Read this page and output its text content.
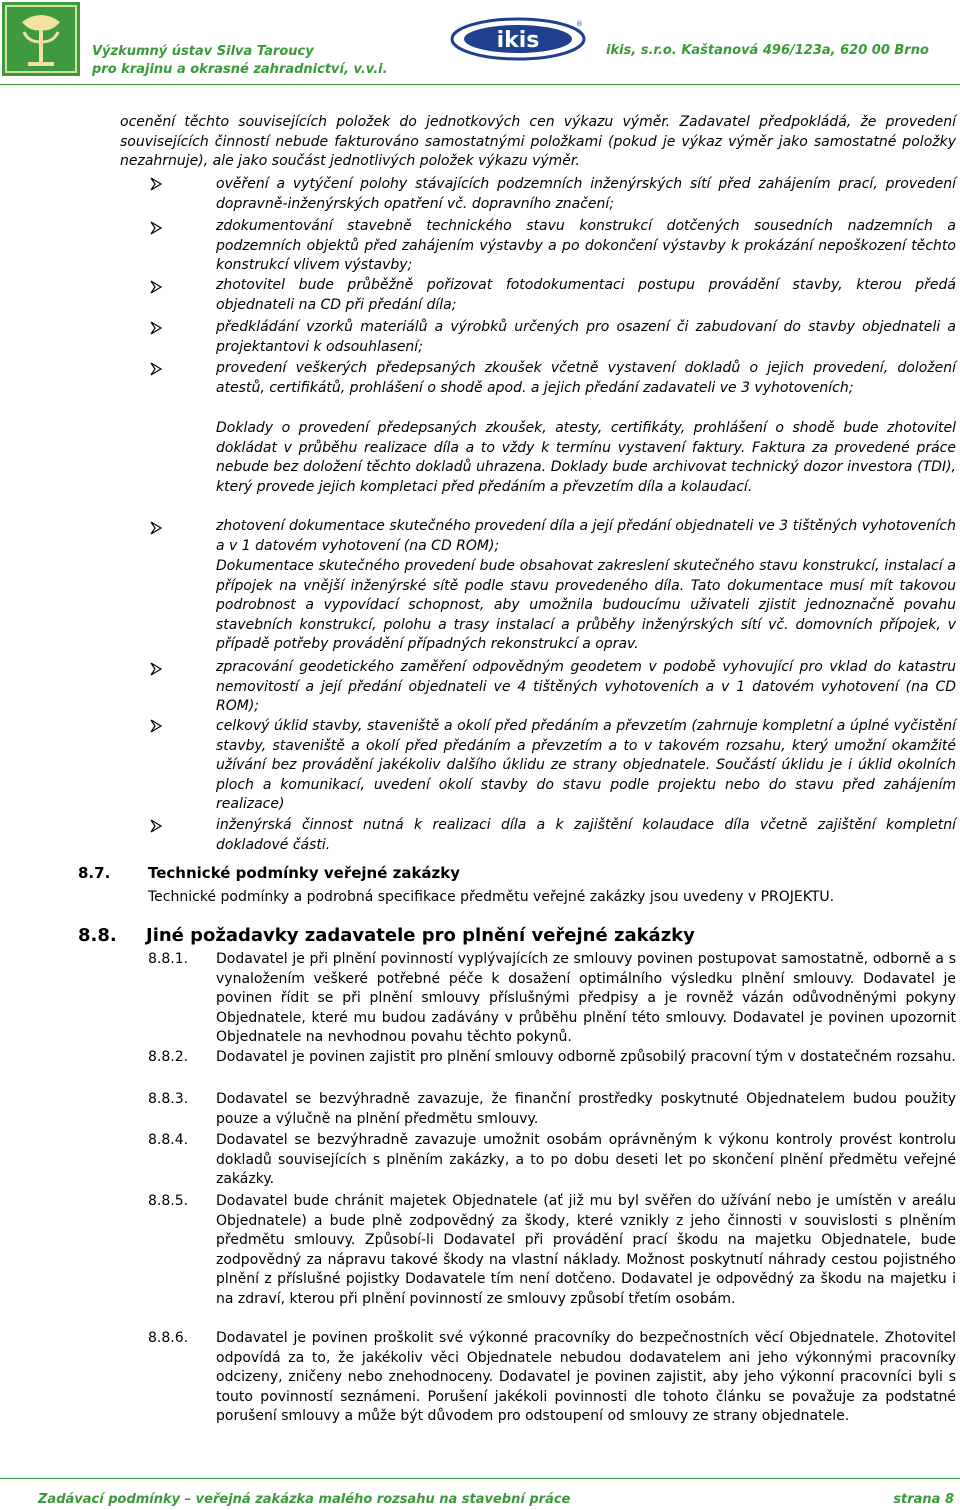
Výzkumný ústav Silva Taroucy
pro krajinu a okrasné zahradnictví, v.v.i.
ikis
®
ikis, s.r.o. Kaštanová 496/123a, 620 00 Brno
ocenění těchto souvisejících položek do jednotkových cen výkazu výměr. Zadavatel předpokládá, že provedení souvisejících činností nebude fakturováno samostatnými položkami (pokud je výkaz výměr jako samostatné položky nezahrnuje), ale jako součást jednotlivých položek výkazu výměr.
ověření a vytýčení polohy stávajících podzemních inženýrských sítí před zahájením prací, provedení dopravně-inženýrských opatření vč. dopravního značení;
zdokumentování stavebně technického stavu konstrukcí dotčených sousedních nadzemních a podzemních objektů před zahájením výstavby a po dokončení výstavby k prokázání nepoškození těchto konstrukcí vlivem výstavby;
zhotovitel bude průběžně pořizovat fotodokumentaci postupu provádění stavby, kterou předá objednateli na CD při předání díla;
předkládání vzorků materiálů a výrobků určených pro osazení či zabudovaní do stavby objednateli a projektantovi k odsouhlasení;
provedení veškerých předepsaných zkoušek včetně vystavení dokladů o jejich provedení, doložení atestů, certifikátů, prohlášení o shodě apod. a jejich předání zadavateli ve 3 vyhotoveních;
Doklady o provedení předepsaných zkoušek, atesty, certifikáty, prohlášení o shodě bude zhotovitel dokládat v průběhu realizace díla a to vždy k termínu vystavení faktury. Faktura za provedené práce nebude bez doložení těchto dokladů uhrazena. Doklady bude archivovat technický dozor investora (TDI), který provede jejich kompletaci před předáním a převzetím díla a kolaudací.
zhotovení dokumentace skutečného provedení díla a její předání objednateli ve 3 tištěných vyhotoveních a v 1 datovém vyhotovení (na CD ROM);
Dokumentace skutečného provedení bude obsahovat zakreslení skutečného stavu konstrukcí, instalací a přípojek na vnější inženýrské sítě podle stavu provedeného díla. Tato dokumentace musí mít takovou podrobnost a vypovídací schopnost, aby umožnila budoucímu uživateli zjistit jednoznačně povahu stavebních konstrukcí, polohu a trasy instalací a průběhy inženýrských sítí vč. domovních přípojek, v případě potřeby provádění případných rekonstrukcí a oprav.
zpracování geodetického zaměření odpovědným geodetem v podobě vyhovující pro vklad do katastru nemovitostí a její předání objednateli ve 4 tištěných vyhotoveních a v 1 datovém vyhotovení (na CD ROM);
celkový úklid stavby, staveniště a okolí před předáním a převzetím (zahrnuje kompletní a úplné vyčistění stavby, staveniště a okolí před předáním a převzetím a to v takovém rozsahu, který umožní okamžité užívání bez provádění jakékoliv dalšího úklidu ze strany objednatele. Součástí úklidu je i úklid okolních ploch a komunikací, uvedení okolí stavby do stavu podle projektu nebo do stavu před zahájením realizace)
inženýrská činnost nutná k realizaci díla a k zajištění kolaudace díla včetně zajištění kompletní dokladové části.
8.7.	Technické podmínky veřejné zakázky
Technické podmínky a podrobná specifikace předmětu veřejné zakázky jsou uvedeny v PROJEKTU.
8.8. Jiné požadavky zadavatele pro plnění veřejné zakázky
8.8.1. Dodavatel je při plnění povinností vyplývajících ze smlouvy povinen postupovat samostatně, odborně a s vynaložením veškeré potřebné péče k dosažení optimálního výsledku plnění smlouvy. Dodavatel je povinen řídit se při plnění smlouvy příslušnými předpisy a je rovněž vázán odůvodněnými pokyny Objednatele, které mu budou zadávány v průběhu plnění této smlouvy. Dodavatel je povinen upozornit Objednatele na nevhodnou povahu těchto pokynů.
8.8.2. Dodavatel je povinen zajistit pro plnění smlouvy odborně způsobilý pracovní tým v dostatečném rozsahu.
8.8.3. Dodavatel se bezvýhradně zavazuje, že finanční prostředky poskytnuté Objednatelem budou použity pouze a výlučně na plnění předmětu smlouvy.
8.8.4. Dodavatel se bezvýhradně zavazuje umožnit osobám oprávněným k výkonu kontroly provést kontrolu dokladů souvisejících s plněním zakázky, a to po dobu deseti let po skončení plnění předmětu veřejné zakázky.
8.8.5. Dodavatel bude chránit majetek Objednatele (ať již mu byl svěřen do užívání nebo je umístěn v areálu Objednatele) a bude plně zodpovědný za škody, které vznikly z jeho činnosti v souvislosti s plněním předmětu smlouvy. Způsobí-li Dodavatel při provádění prací škodu na majetku Objednatele, bude zodpovědný za nápravu takové škody na vlastní náklady. Možnost poskytnutí náhrady cestou pojistného plnění z příslušné pojistky Dodavatele tím není dotčeno. Dodavatel je odpovědný za škodu na majetku i na zdraví, kterou při plnění povinností ze smlouvy způsobí třetím osobám.
8.8.6. Dodavatel je povinen proškolit své výkonné pracovníky do bezpečnostních věcí Objednatele. Zhotovitel odpovídá za to, že jakékoliv věci Objednatele nebudou dodavatelem ani jeho výkonnými pracovníky odcizeny, zničeny nebo znehodnoceny. Dodavatel je povinen zajistit, aby jeho výkonní pracovníci byli s touto povinností seznámeni. Porušení jakékoli povinnosti dle tohoto článku se považuje za podstatné porušení smlouvy a může být důvodem pro odstoupení od smlouvy ze strany objednatele.
Zadávací podmínky – veřejná zakázka malého rozsahu na stavební práce	strana 8
